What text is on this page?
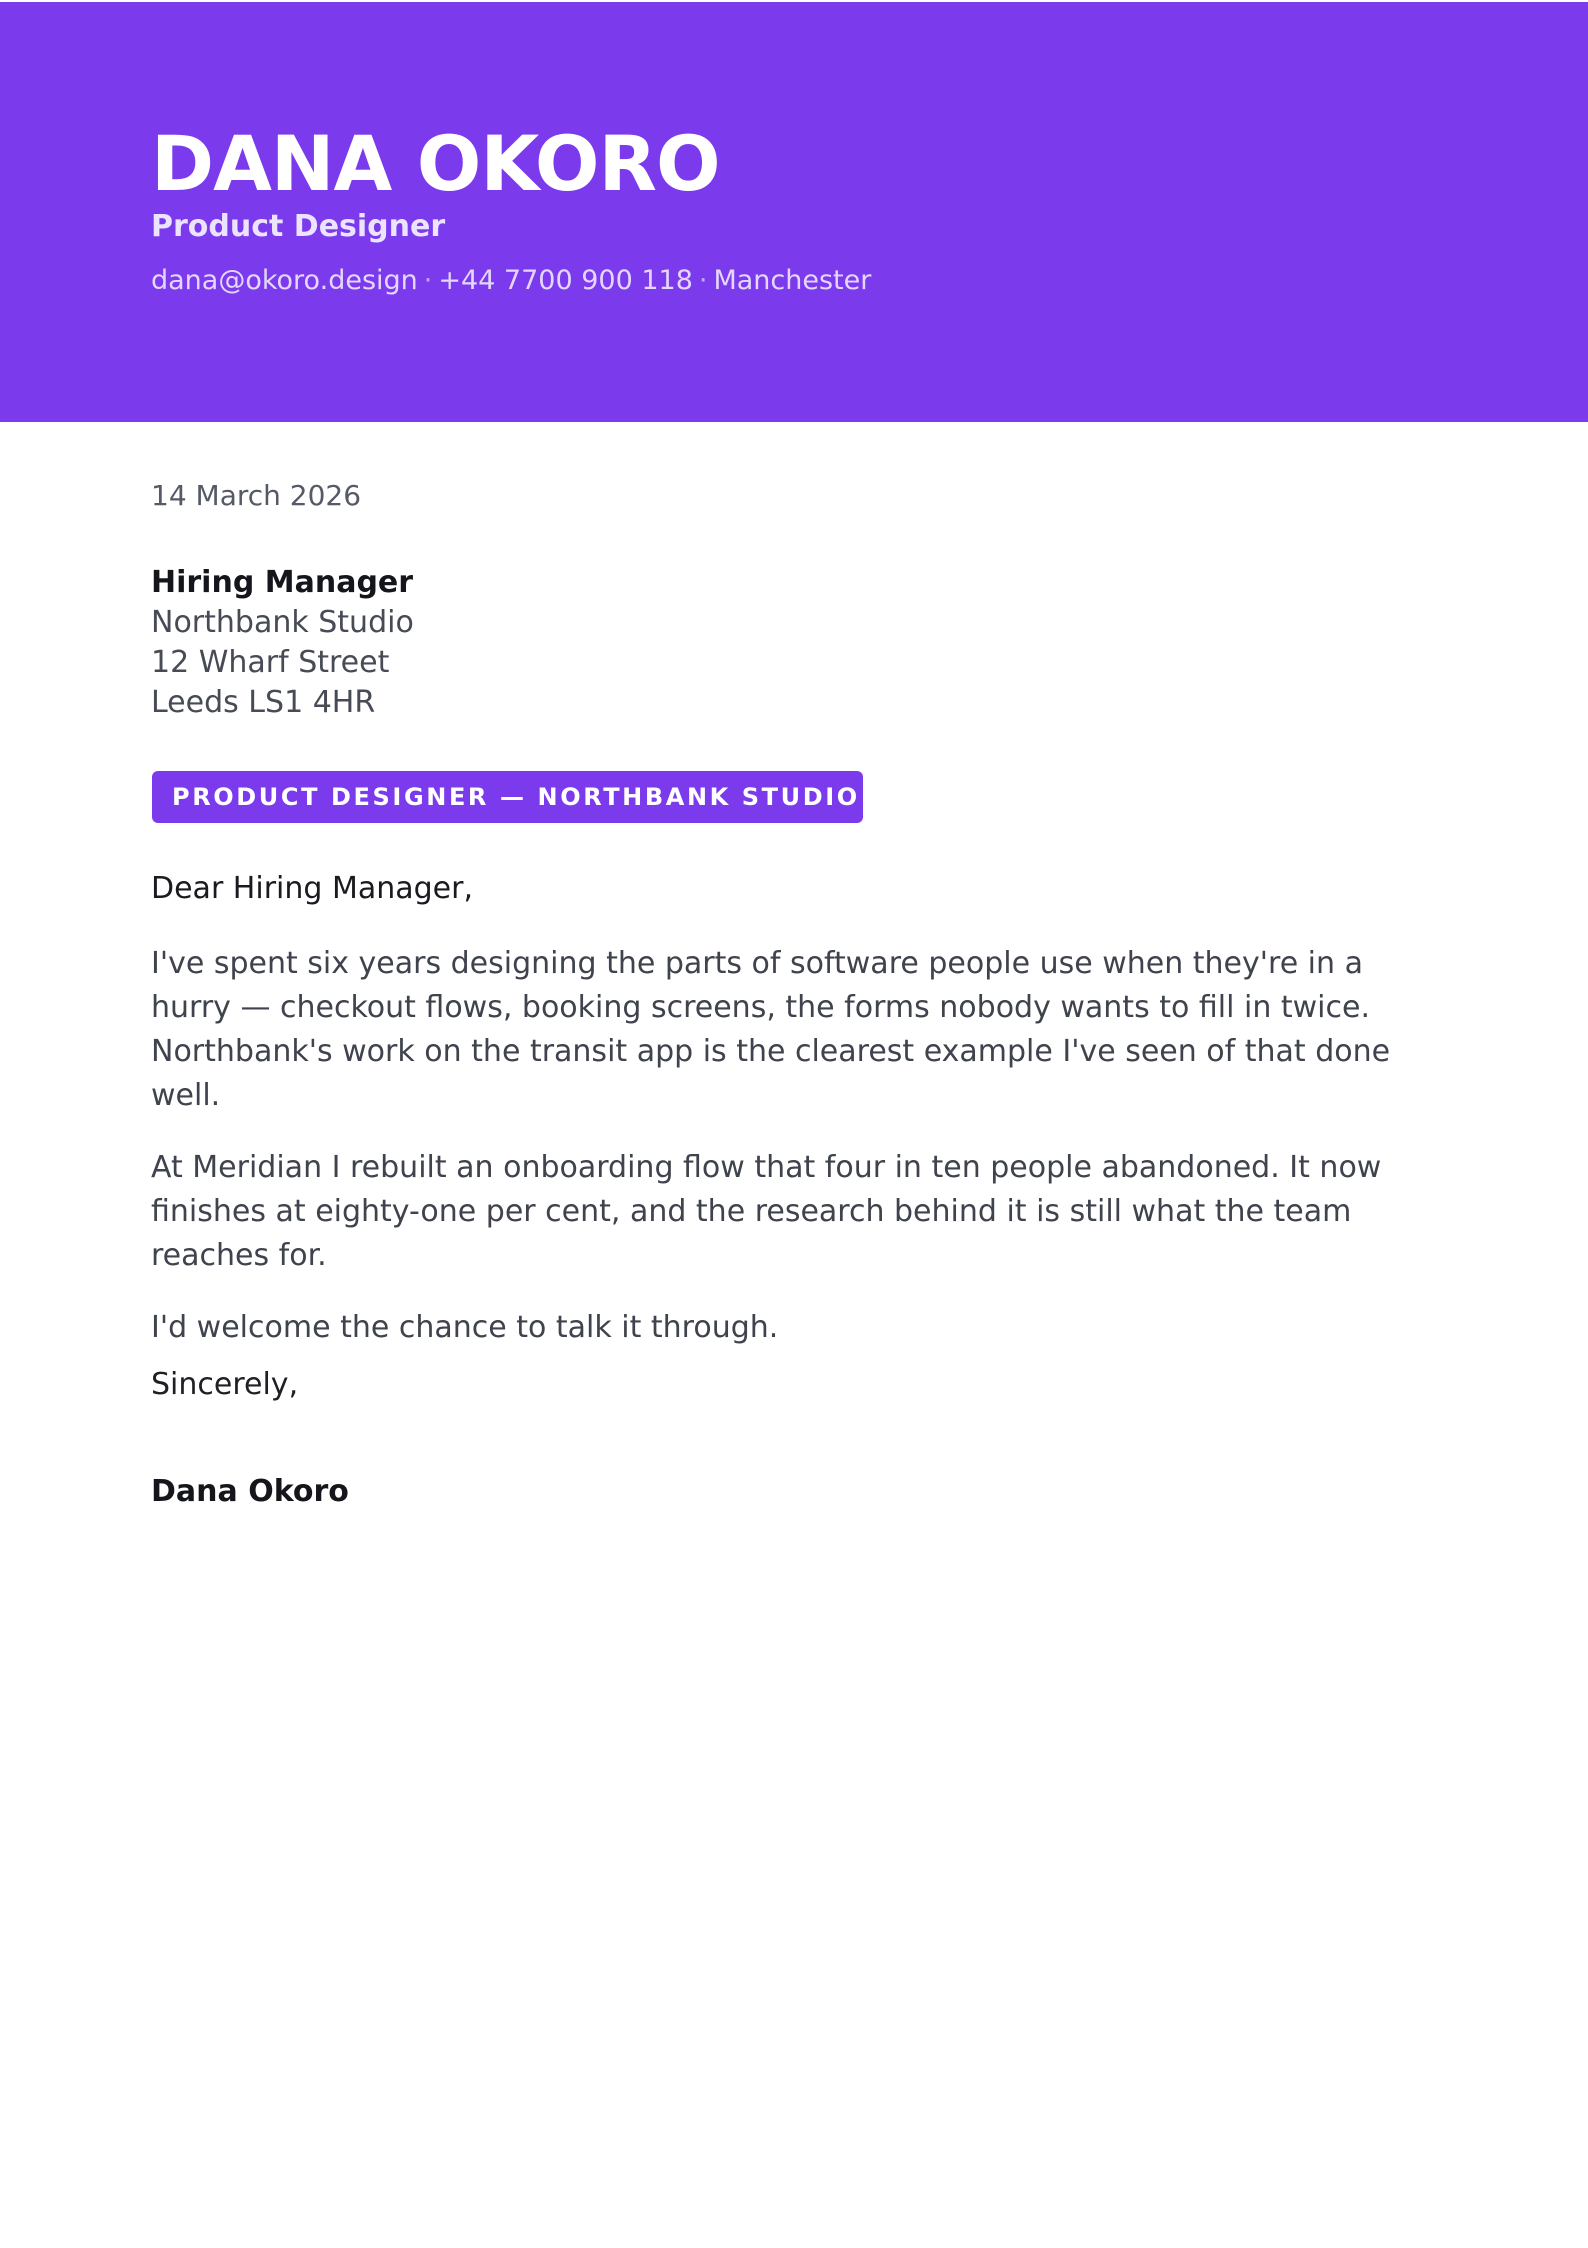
DANA OKORO
Product Designer
dana@okoro.design · +44 7700 900 118 · Manchester
14 March 2026
Hiring Manager
Northbank Studio
12 Wharf Street
Leeds LS1 4HR
PRODUCT DESIGNER — NORTHBANK STUDIO
Dear Hiring Manager,

I've spent six years designing the parts of software people use when they're in a hurry — checkout flows, booking screens, the forms nobody wants to fill in twice. Northbank's work on the transit app is the clearest example I've seen of that done well.

At Meridian I rebuilt an onboarding flow that four in ten people abandoned. It now finishes at eighty-one per cent, and the research behind it is still what the team reaches for.

I'd welcome the chance to talk it through.

Sincerely,
Dana Okoro
